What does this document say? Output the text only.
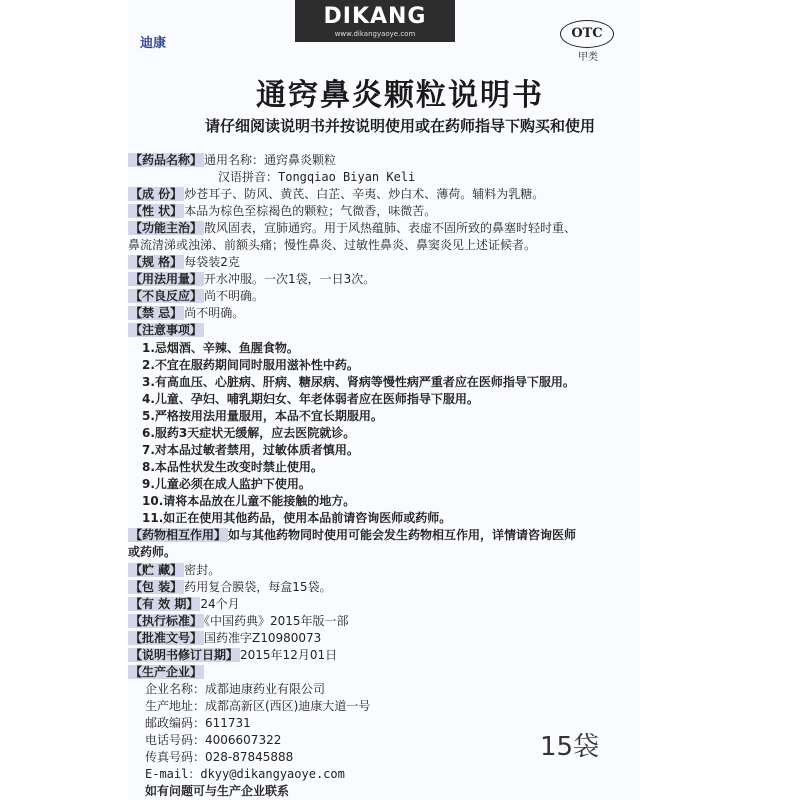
DIKANG
www.dikangyaoye.com
迪康
OTC
甲类
通窍鼻炎颗粒说明书
请仔细阅读说明书并按说明使用或在药师指导下购买和使用
【药品名称】 通用名称：通窍鼻炎颗粒
汉语拼音：Tongqiao Biyan Keli
【成 份】 炒苍耳子、防风、黄芪、白芷、辛夷、炒白术、薄荷。辅料为乳糖。
【性 状】 本品为棕色至棕褐色的颗粒；气微香，味微苦。
【功能主治】 散风固表，宣肺通窍。用于风热蕴肺、表虚不固所致的鼻塞时轻时重、
鼻流清涕或浊涕、前额头痛；慢性鼻炎、过敏性鼻炎、鼻窦炎见上述证候者。
【规 格】 每袋装2克
【用法用量】 开水冲服。一次1袋，一日3次。
【不良反应】 尚不明确。
【禁 忌】 尚不明确。
【注意事项】
1.忌烟酒、辛辣、鱼腥食物。
2.不宜在服药期间同时服用滋补性中药。
3.有高血压、心脏病、肝病、糖尿病、肾病等慢性病严重者应在医师指导下服用。
4.儿童、孕妇、哺乳期妇女、年老体弱者应在医师指导下服用。
5.严格按用法用量服用，本品不宜长期服用。
6.服药3天症状无缓解，应去医院就诊。
7.对本品过敏者禁用，过敏体质者慎用。
8.本品性状发生改变时禁止使用。
9.儿童必须在成人监护下使用。
10.请将本品放在儿童不能接触的地方。
11.如正在使用其他药品，使用本品前请咨询医师或药师。
【药物相互作用】 如与其他药物同时使用可能会发生药物相互作用，详情请咨询医师
或药师。
【贮 藏】 密封。
【包 装】 药用复合膜袋，每盒15袋。
【有 效 期】 24个月
【执行标准】 《中国药典》2015年版一部
【批准文号】 国药准字Z10980073
【说明书修订日期】 2015年12月01日
【生产企业】
企业名称：成都迪康药业有限公司
生产地址：成都高新区(西区)迪康大道一号
邮政编码：611731
电话号码：4006607322
传真号码：028-87845888
E-mail：dkyy@dikangyaoye.com
如有问题可与生产企业联系
15袋
